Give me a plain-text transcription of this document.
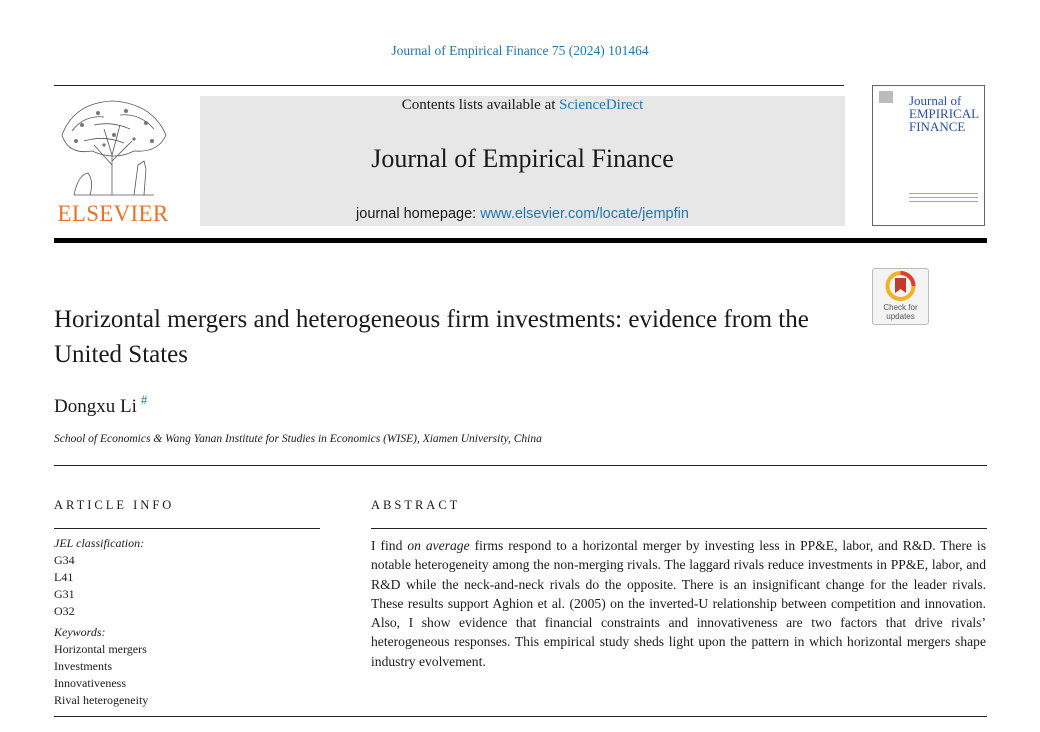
Journal of Empirical Finance 75 (2024) 101464
ELSEVIER
Contents lists available at ScienceDirect
Journal of Empirical Finance
journal homepage: www.elsevier.com/locate/jempfin
Journal of
EMPIRICAL
FINANCE
Check for
updates
Horizontal mergers and heterogeneous firm investments: evidence from the United States
Dongxu Li #
School of Economics & Wang Yanan Institute for Studies in Economics (WISE), Xiamen University, China
ARTICLE INFO	ABSTRACT
JEL classification:
G34
L41
G31
O32
Keywords:
Horizontal mergers
Investments
Innovativeness
Rival heterogeneity
I find on average firms respond to a horizontal merger by investing less in PP&E, labor, and R&D. There is notable heterogeneity among the non-merging rivals. The laggard rivals reduce investments in PP&E, labor, and R&D while the neck-and-neck rivals do the opposite. There is an insignificant change for the leader rivals. These results support Aghion et al. (2005) on the inverted-U relationship between competition and innovation. Also, I show evidence that financial constraints and innovativeness are two factors that drive rivals’ heterogeneous responses. This empirical study sheds light upon the pattern in which horizontal mergers shape industry evolvement.
